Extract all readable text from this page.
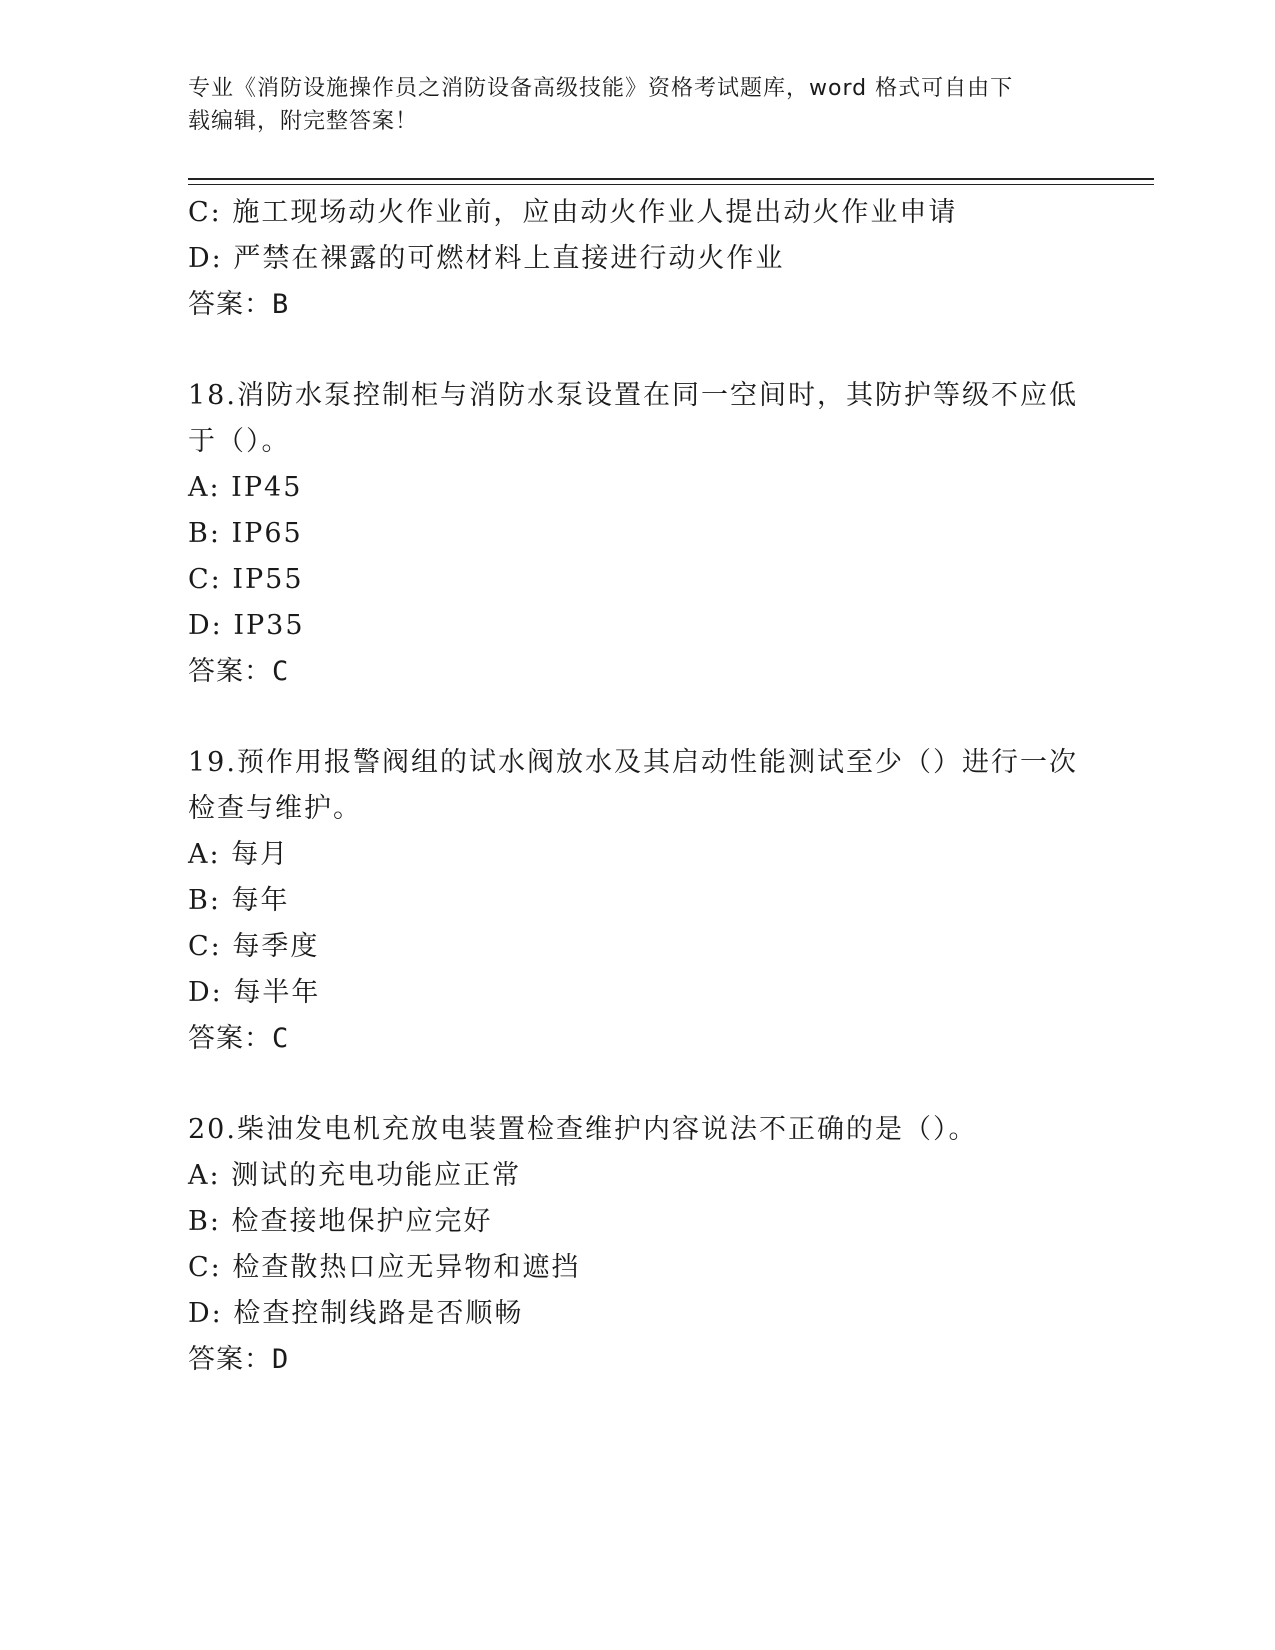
专业《消防设施操作员之消防设备高级技能》资格考试题库，word 格式可自由下
载编辑，附完整答案！
C: 施工现场动火作业前，应由动火作业人提出动火作业申请
D: 严禁在裸露的可燃材料上直接进行动火作业
答案：B
18.消防水泵控制柜与消防水泵设置在同一空间时，其防护等级不应低
于（）。
A: IP45
B: IP65
C: IP55
D: IP35
答案：C
19.预作用报警阀组的试水阀放水及其启动性能测试至少（）进行一次
检查与维护。
A: 每月
B: 每年
C: 每季度
D: 每半年
答案：C
20.柴油发电机充放电装置检查维护内容说法不正确的是（）。
A: 测试的充电功能应正常
B: 检查接地保护应完好
C: 检查散热口应无异物和遮挡
D: 检查控制线路是否顺畅
答案：D
